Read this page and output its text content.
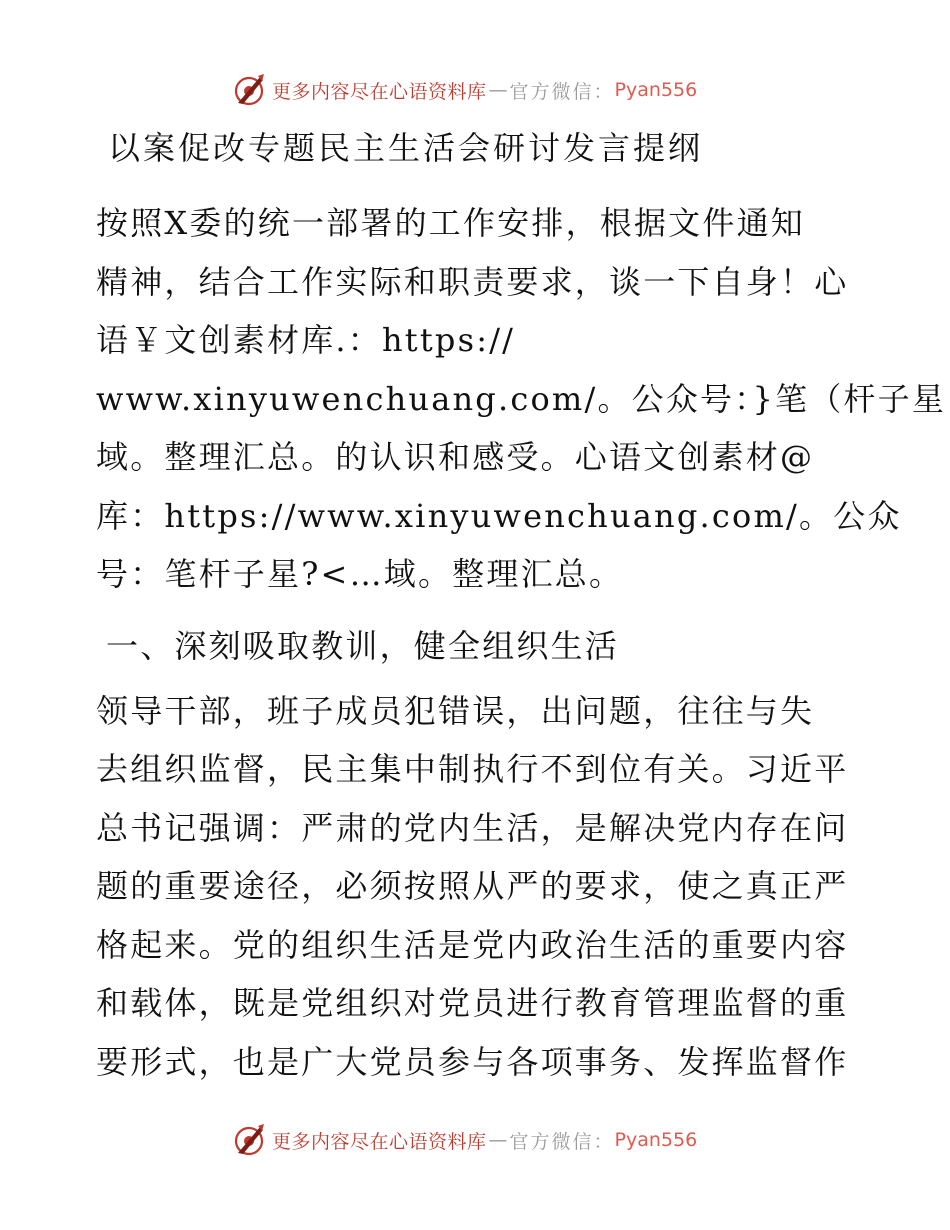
更多内容尽在心语资料库 — 官方微信： Pyan556
以案促改专题民主生活会研讨发言提纲

按照X委的统一部署的工作安排，根据文件通知
精神，结合工作实际和职责要求，谈一下自身！心
语￥文创素材库.：https://
www.xinyuwenchuang.com/。公众号：}笔（杆子星
域。整理汇总。的认识和感受。心语文创素材@
库：https://www.xinyuwenchuang.com/。公众
号：笔杆子星?<…域。整理汇总。

一、深刻吸取教训，健全组织生活

领导干部，班子成员犯错误，出问题，往往与失
去组织监督，民主集中制执行不到位有关。习近平
总书记强调：严肃的党内生活，是解决党内存在问
题的重要途径，必须按照从严的要求，使之真正严
格起来。党的组织生活是党内政治生活的重要内容
和载体，既是党组织对党员进行教育管理监督的重
要形式，也是广大党员参与各项事务、发挥监督作

更多内容尽在心语资料库 — 官方微信： Pyan556
